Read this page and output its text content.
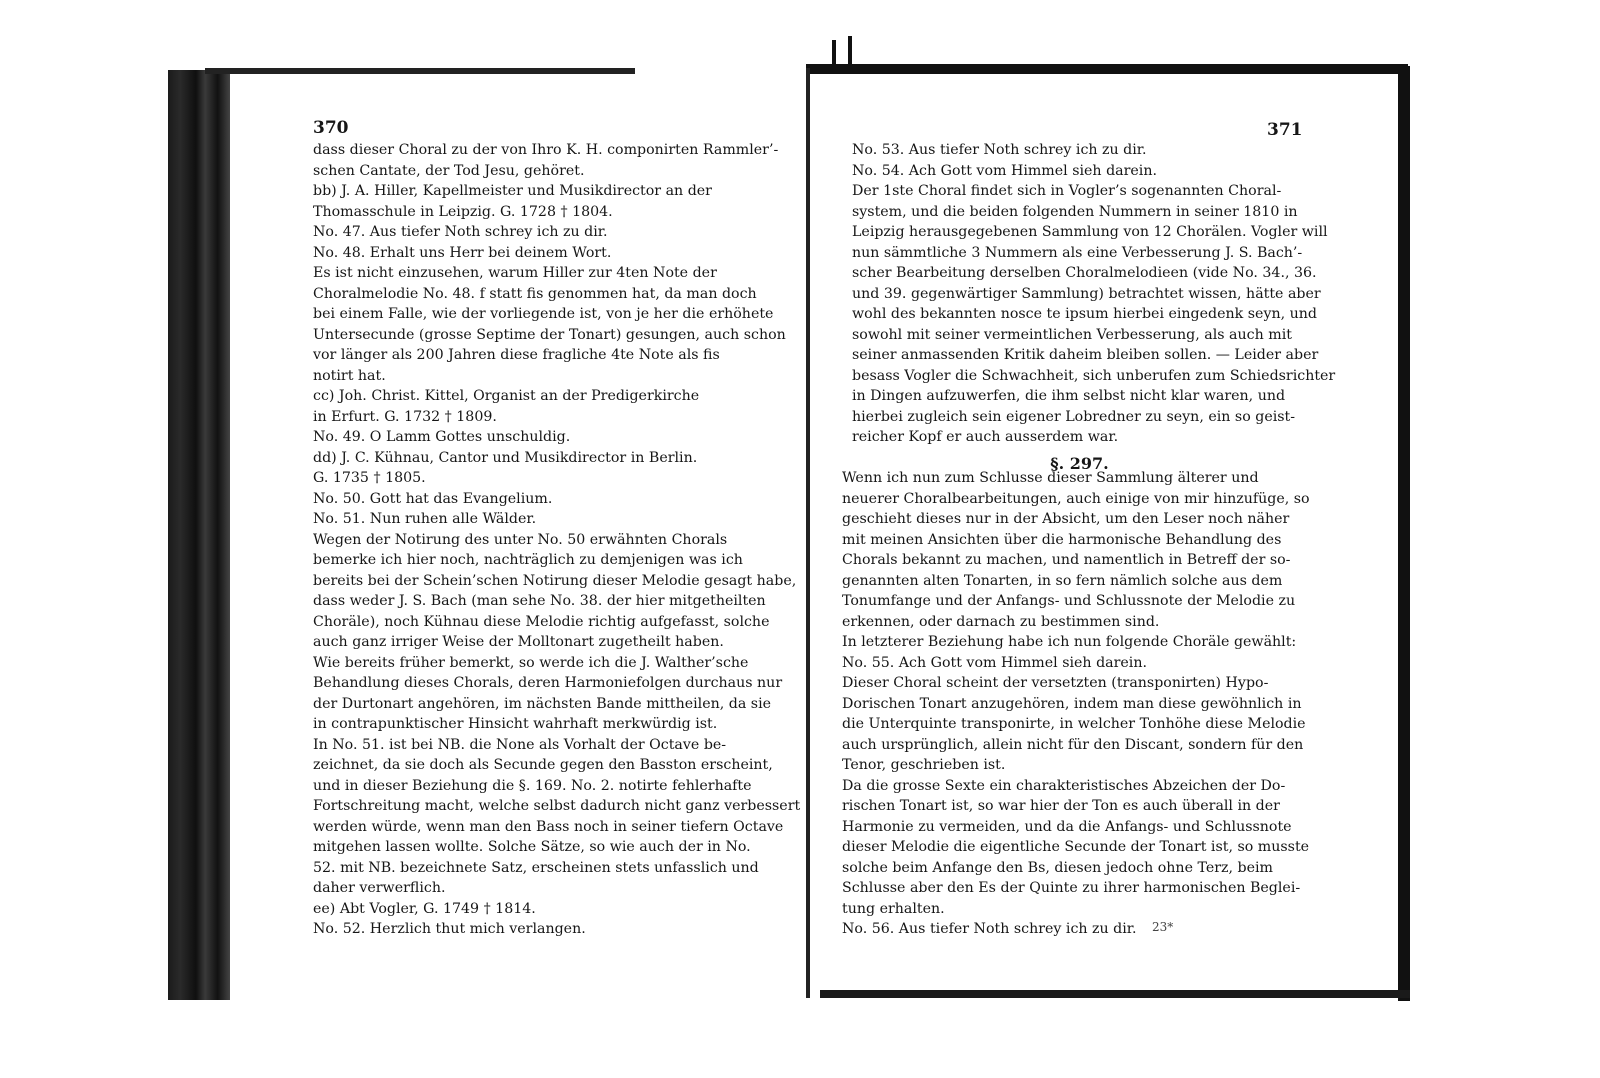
370
dass dieser Choral zu der von Ihro K. H. componirten Rammler’-
schen Cantate, der Tod Jesu, gehöret.
bb) J. A. Hiller, Kapellmeister und Musikdirector an der
Thomasschule in Leipzig. G. 1728 † 1804.
No. 47. Aus tiefer Noth schrey ich zu dir.
No. 48. Erhalt uns Herr bei deinem Wort.
Es ist nicht einzusehen, warum Hiller zur 4ten Note der
Choralmelodie No. 48. f statt fis genommen hat, da man doch
bei einem Falle, wie der vorliegende ist, von je her die erhöhete
Untersecunde (grosse Septime der Tonart) gesungen, auch schon
vor länger als 200 Jahren diese fragliche 4te Note als fis
notirt hat.
cc) Joh. Christ. Kittel, Organist an der Predigerkirche
in Erfurt. G. 1732 † 1809.
No. 49. O Lamm Gottes unschuldig.
dd) J. C. Kühnau, Cantor und Musikdirector in Berlin.
G. 1735 † 1805.
No. 50. Gott hat das Evangelium.
No. 51. Nun ruhen alle Wälder.
Wegen der Notirung des unter No. 50 erwähnten Chorals
bemerke ich hier noch, nachträglich zu demjenigen was ich
bereits bei der Schein’schen Notirung dieser Melodie gesagt habe,
dass weder J. S. Bach (man sehe No. 38. der hier mitgetheilten
Choräle), noch Kühnau diese Melodie richtig aufgefasst, solche
auch ganz irriger Weise der Molltonart zugetheilt haben.
Wie bereits früher bemerkt, so werde ich die J. Walther’sche
Behandlung dieses Chorals, deren Harmoniefolgen durchaus nur
der Durtonart angehören, im nächsten Bande mittheilen, da sie
in contrapunktischer Hinsicht wahrhaft merkwürdig ist.
In No. 51. ist bei NB. die None als Vorhalt der Octave be-
zeichnet, da sie doch als Secunde gegen den Basston erscheint,
und in dieser Beziehung die §. 169. No. 2. notirte fehlerhafte
Fortschreitung macht, welche selbst dadurch nicht ganz verbessert
werden würde, wenn man den Bass noch in seiner tiefern Octave
mitgehen lassen wollte. Solche Sätze, so wie auch der in No.
52. mit NB. bezeichnete Satz, erscheinen stets unfasslich und
daher verwerflich.
ee) Abt Vogler, G. 1749 † 1814.
No. 52. Herzlich thut mich verlangen.
371
No. 53. Aus tiefer Noth schrey ich zu dir.
No. 54. Ach Gott vom Himmel sieh darein.
Der 1ste Choral findet sich in Vogler’s sogenannten Choral-
system, und die beiden folgenden Nummern in seiner 1810 in
Leipzig herausgegebenen Sammlung von 12 Chorälen. Vogler will
nun sämmtliche 3 Nummern als eine Verbesserung J. S. Bach’-
scher Bearbeitung derselben Choralmelodieen (vide No. 34., 36.
und 39. gegenwärtiger Sammlung) betrachtet wissen, hätte aber
wohl des bekannten nosce te ipsum hierbei eingedenk seyn, und
sowohl mit seiner vermeintlichen Verbesserung, als auch mit
seiner anmassenden Kritik daheim bleiben sollen. — Leider aber
besass Vogler die Schwachheit, sich unberufen zum Schiedsrichter
in Dingen aufzuwerfen, die ihm selbst nicht klar waren, und
hierbei zugleich sein eigener Lobredner zu seyn, ein so geist-
reicher Kopf er auch ausserdem war.
§. 297.
Wenn ich nun zum Schlusse dieser Sammlung älterer und
neuerer Choralbearbeitungen, auch einige von mir hinzufüge, so
geschieht dieses nur in der Absicht, um den Leser noch näher
mit meinen Ansichten über die harmonische Behandlung des
Chorals bekannt zu machen, und namentlich in Betreff der so-
genannten alten Tonarten, in so fern nämlich solche aus dem
Tonumfange und der Anfangs- und Schlussnote der Melodie zu
erkennen, oder darnach zu bestimmen sind.
In letzterer Beziehung habe ich nun folgende Choräle gewählt:
No. 55. Ach Gott vom Himmel sieh darein.
Dieser Choral scheint der versetzten (transponirten) Hypo-
Dorischen Tonart anzugehören, indem man diese gewöhnlich in
die Unterquinte transponirte, in welcher Tonhöhe diese Melodie
auch ursprünglich, allein nicht für den Discant, sondern für den
Tenor, geschrieben ist.
Da die grosse Sexte ein charakteristisches Abzeichen der Do-
rischen Tonart ist, so war hier der Ton es auch überall in der
Harmonie zu vermeiden, und da die Anfangs- und Schlussnote
dieser Melodie die eigentliche Secunde der Tonart ist, so musste
solche beim Anfange den Bs, diesen jedoch ohne Terz, beim
Schlusse aber den Es der Quinte zu ihrer harmonischen Beglei-
tung erhalten.
No. 56. Aus tiefer Noth schrey ich zu dir.	23*
